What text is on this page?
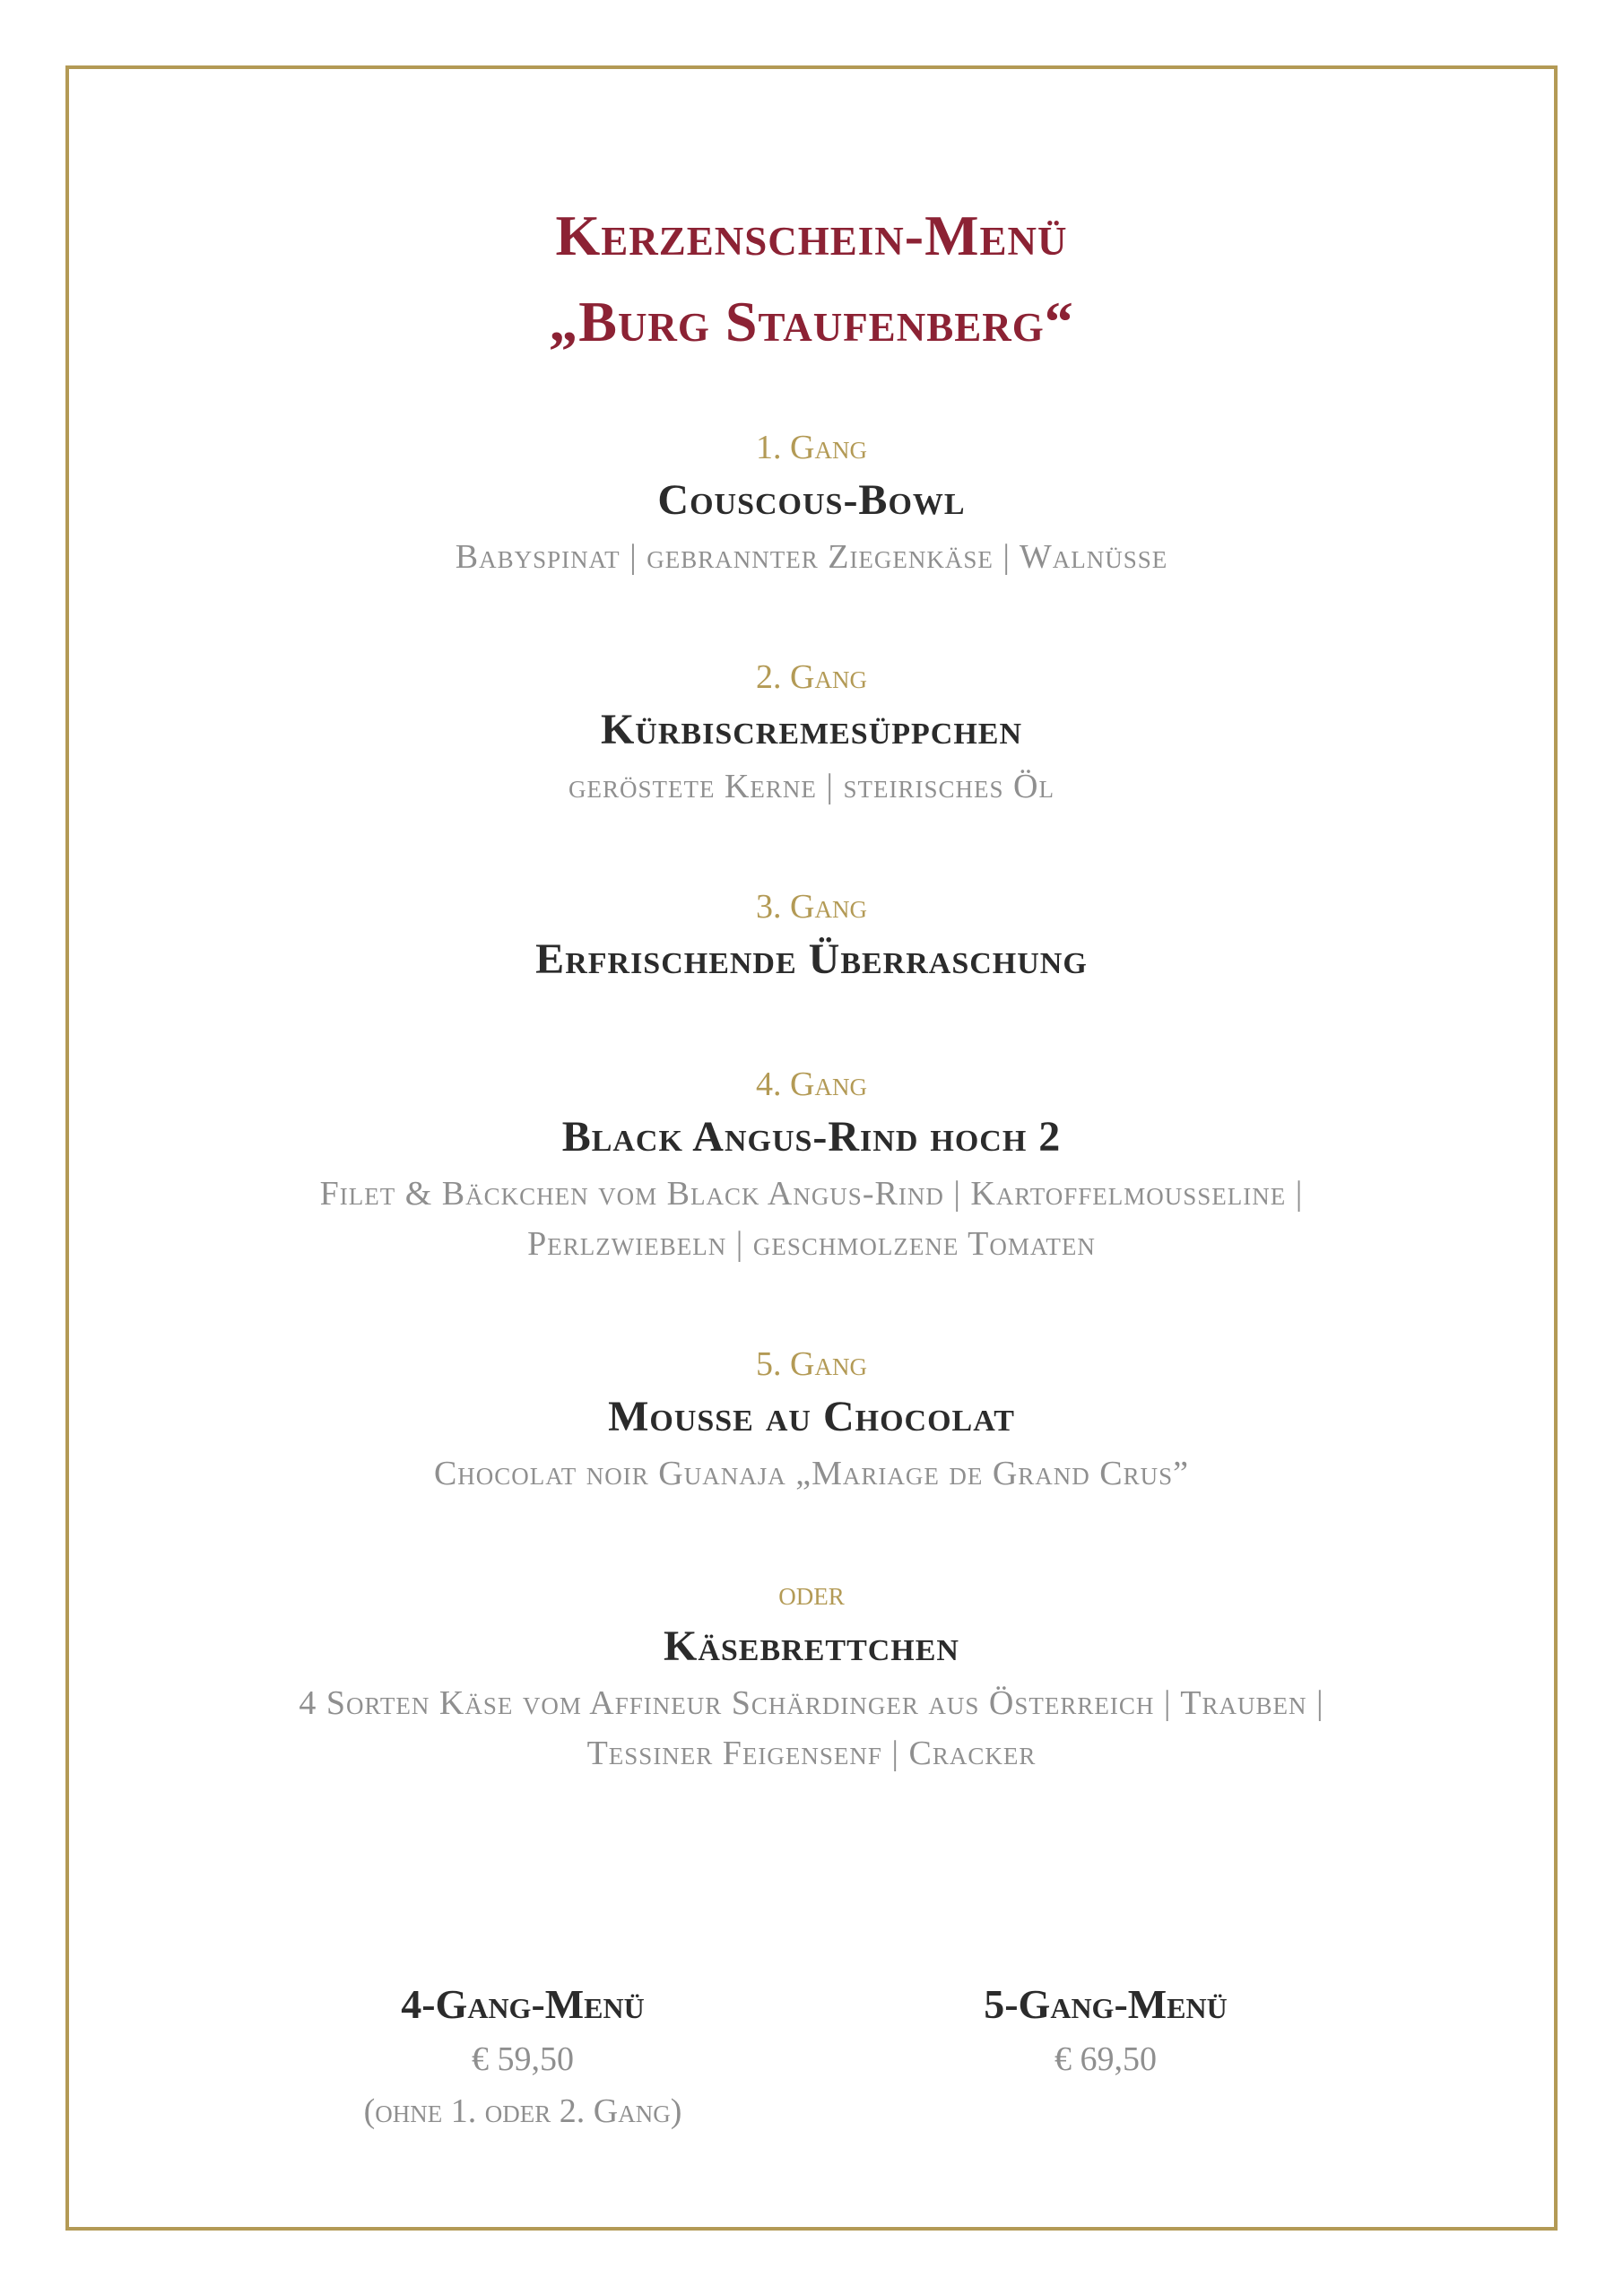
Kerzenschein-Menü
„Burg Staufenberg“
1. Gang
Couscous-Bowl
Babyspinat | gebrannter Ziegenkäse | Walnüsse
2. Gang
Kürbiscremesüppchen
geröstete Kerne | steirisches Öl
3. Gang
Erfrischende Überraschung
4. Gang
Black Angus-Rind hoch 2
Filet & Bäckchen vom Black Angus-Rind | Kartoffelmousseline |
Perlzwiebeln | geschmolzene Tomaten
5. Gang
Mousse au Chocolat
Chocolat noir Guanaja „Mariage de Grand Crus”
oder
Käsebrettchen
4 Sorten Käse vom Affineur Schärdinger aus Österreich | Trauben |
Tessiner Feigensenf | Cracker
4-Gang-Menü
€ 59,50
(ohne 1. oder 2. Gang)
5-Gang-Menü
€ 69,50
